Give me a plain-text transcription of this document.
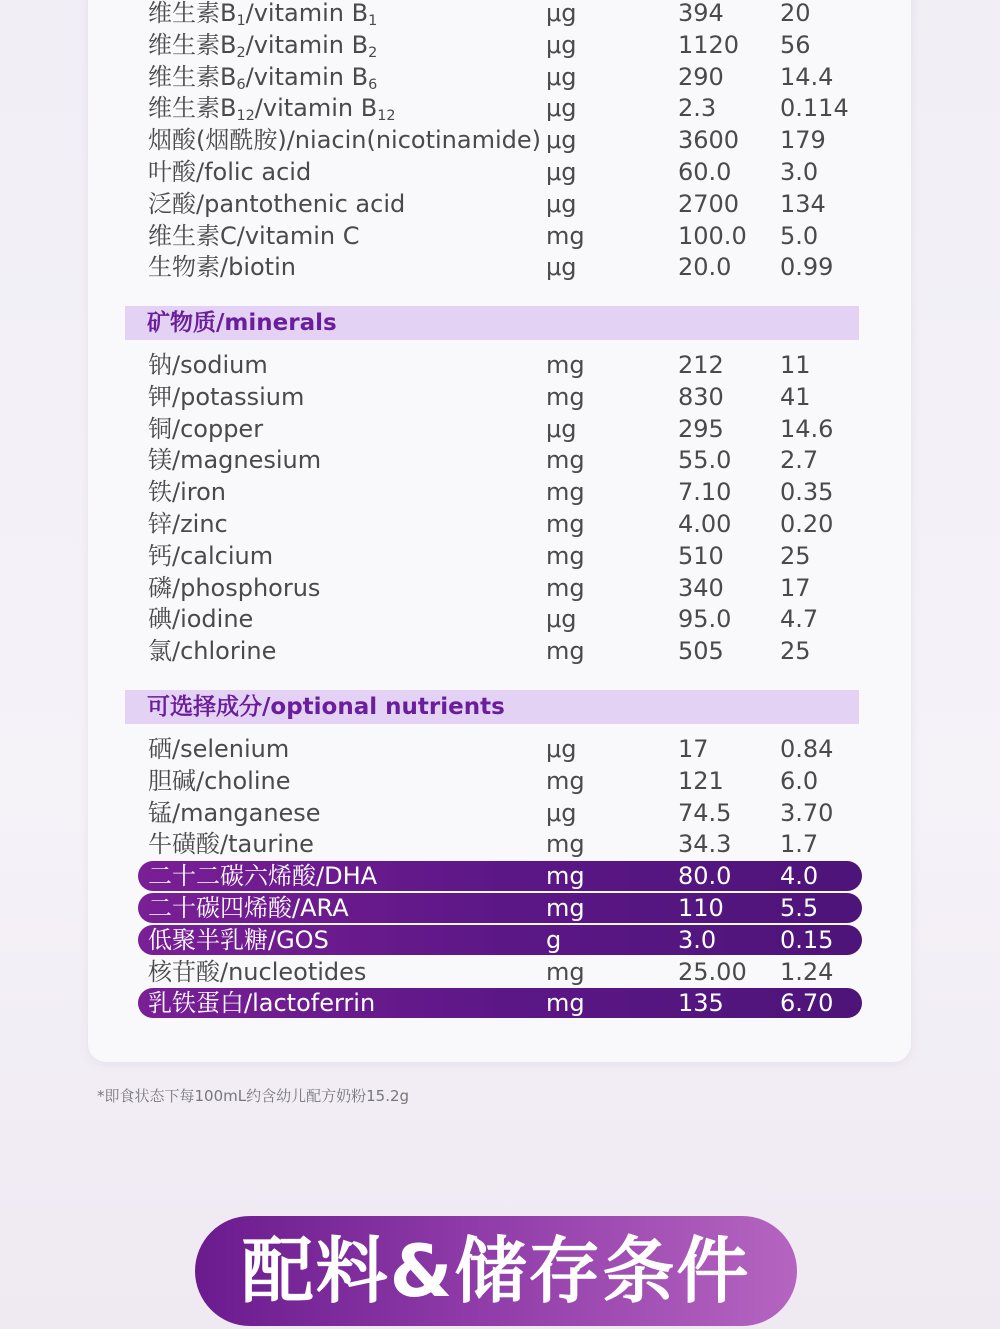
维生素$B_1$/vitamin $B_1$	μg	394 20
维生素$B_2$/vitamin $B_2$	μg	1120 56
维生素$B_6$/vitamin $B_6$	μg	290 14.4
维生素$B_{12}$/vitamin $B_{12}$	μg	2.3	0.114
烟酸(烟酰胺)/niacin(nicotinamide) μg	3600 179
叶酸/folic acid	μg	60.0 3.0
泛酸/pantothenic acid	μg	2700 134
维生素C/vitamin C	mg	100.0 5.0
生物素/biotin	μg	20.0 0.99
矿物质/minerals
钠/sodium	mg	212 11
钾/potassium	mg	830 41
铜/copper	μg	295 14.6
镁/magnesium	mg	55.0 2.7
铁/iron	mg	7.10 0.35
锌/zinc	mg	4.00 0.20
钙/calcium	mg	510 25
磷/phosphorus	mg	340 17
碘/iodine	μg	95.0 4.7
氯/chlorine	mg	505 25
可选择成分/optional nutrients
硒/selenium	μg	17	0.84
胆碱/choline	mg	121 6.0
锰/manganese	μg	74.5 3.70
牛磺酸/taurine	mg	34.3 1.7
二十二碳六烯酸/DHA	mg	80.0 4.0
二十碳四烯酸/ARA	mg	110 5.5
低聚半乳糖/GOS	g	3.0	0.15
核苷酸/nucleotides	mg	25.00 1.24
乳铁蛋白/lactoferrin	mg	135 6.70
*即食状态下每100mL约含幼儿配方奶粉15.2g
配料&储存条件
